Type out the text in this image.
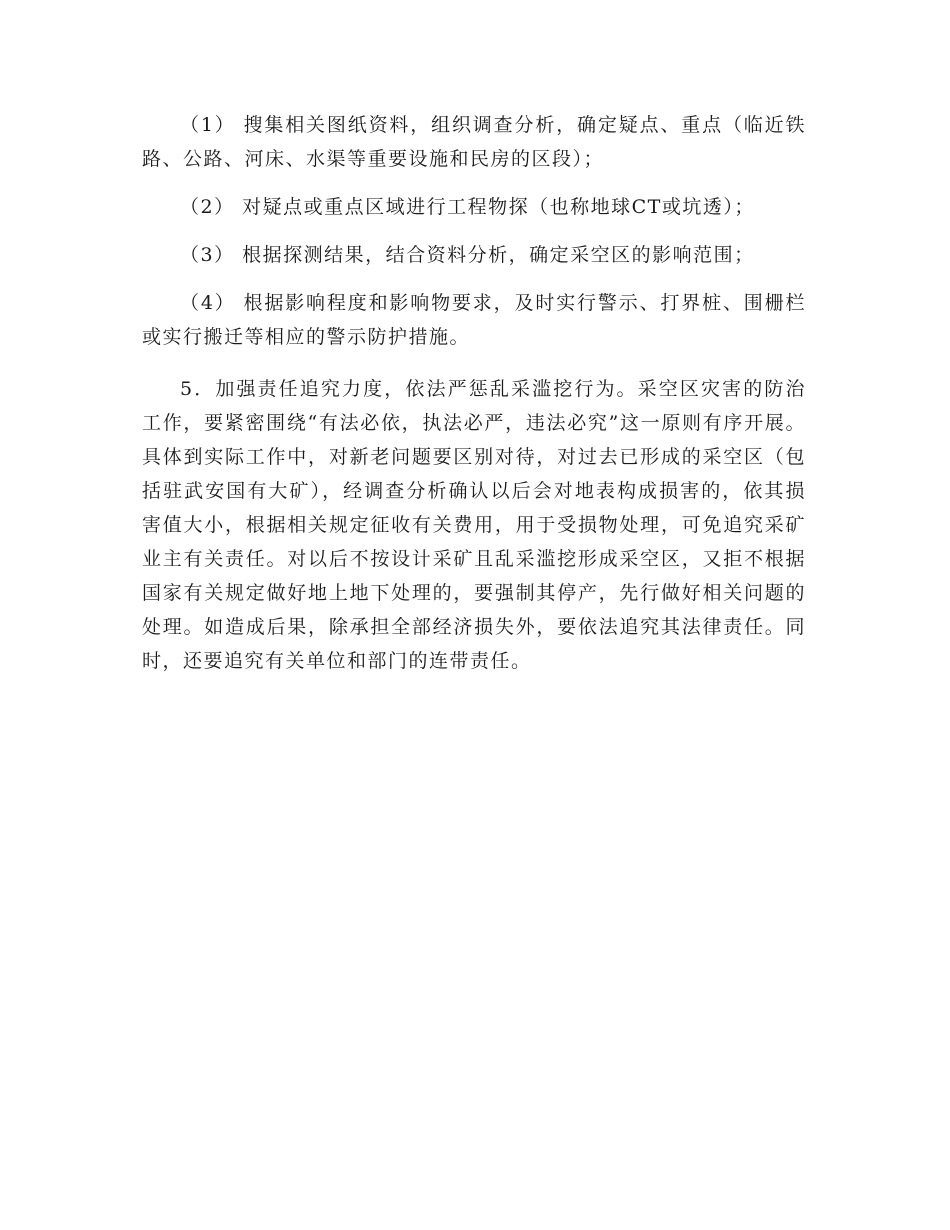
（1） 搜集相关图纸资料，组织调查分析，确定疑点、重点（临近铁路、公路、河床、水渠等重要设施和民房的区段）；

（2） 对疑点或重点区域进行工程物探（也称地球CT或坑透）；

（3） 根据探测结果，结合资料分析，确定采空区的影响范围；

（4） 根据影响程度和影响物要求，及时实行警示、打界桩、围栅栏或实行搬迁等相应的警示防护措施。

5．加强责任追究力度，依法严惩乱采滥挖行为。采空区灾害的防治工作，要紧密围绕“有法必依，执法必严，违法必究”这一原则有序开展。具体到实际工作中，对新老问题要区别对待，对过去已形成的采空区（包括驻武安国有大矿），经调查分析确认以后会对地表构成损害的，依其损害值大小，根据相关规定征收有关费用，用于受损物处理，可免追究采矿业主有关责任。对以后不按设计采矿且乱采滥挖形成采空区，又拒不根据国家有关规定做好地上地下处理的，要强制其停产，先行做好相关问题的处理。如造成后果，除承担全部经济损失外，要依法追究其法律责任。同时，还要追究有关单位和部门的连带责任。
